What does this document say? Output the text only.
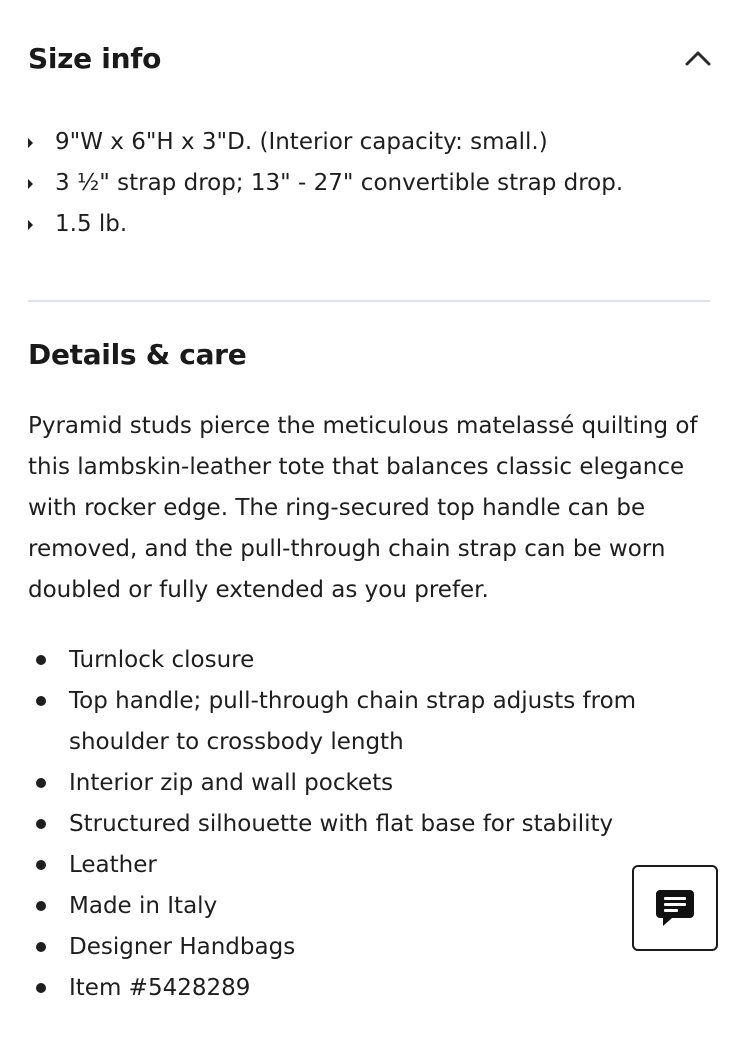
Size info
9"W x 6"H x 3"D. (Interior capacity: small.)
3 ½" strap drop; 13" - 27" convertible strap drop.
1.5 lb.
Details & care

Pyramid studs pierce the meticulous matelassé quilting of this lambskin-leather tote that balances classic elegance with rocker edge. The ring-secured top handle can be removed, and the pull-through chain strap can be worn doubled or fully extended as you prefer.

Turnlock closure
Top handle; pull-through chain strap adjusts from shoulder to crossbody length
Interior zip and wall pockets
Structured silhouette with flat base for stability
Leather
Made in Italy
Designer Handbags
Item #5428289
